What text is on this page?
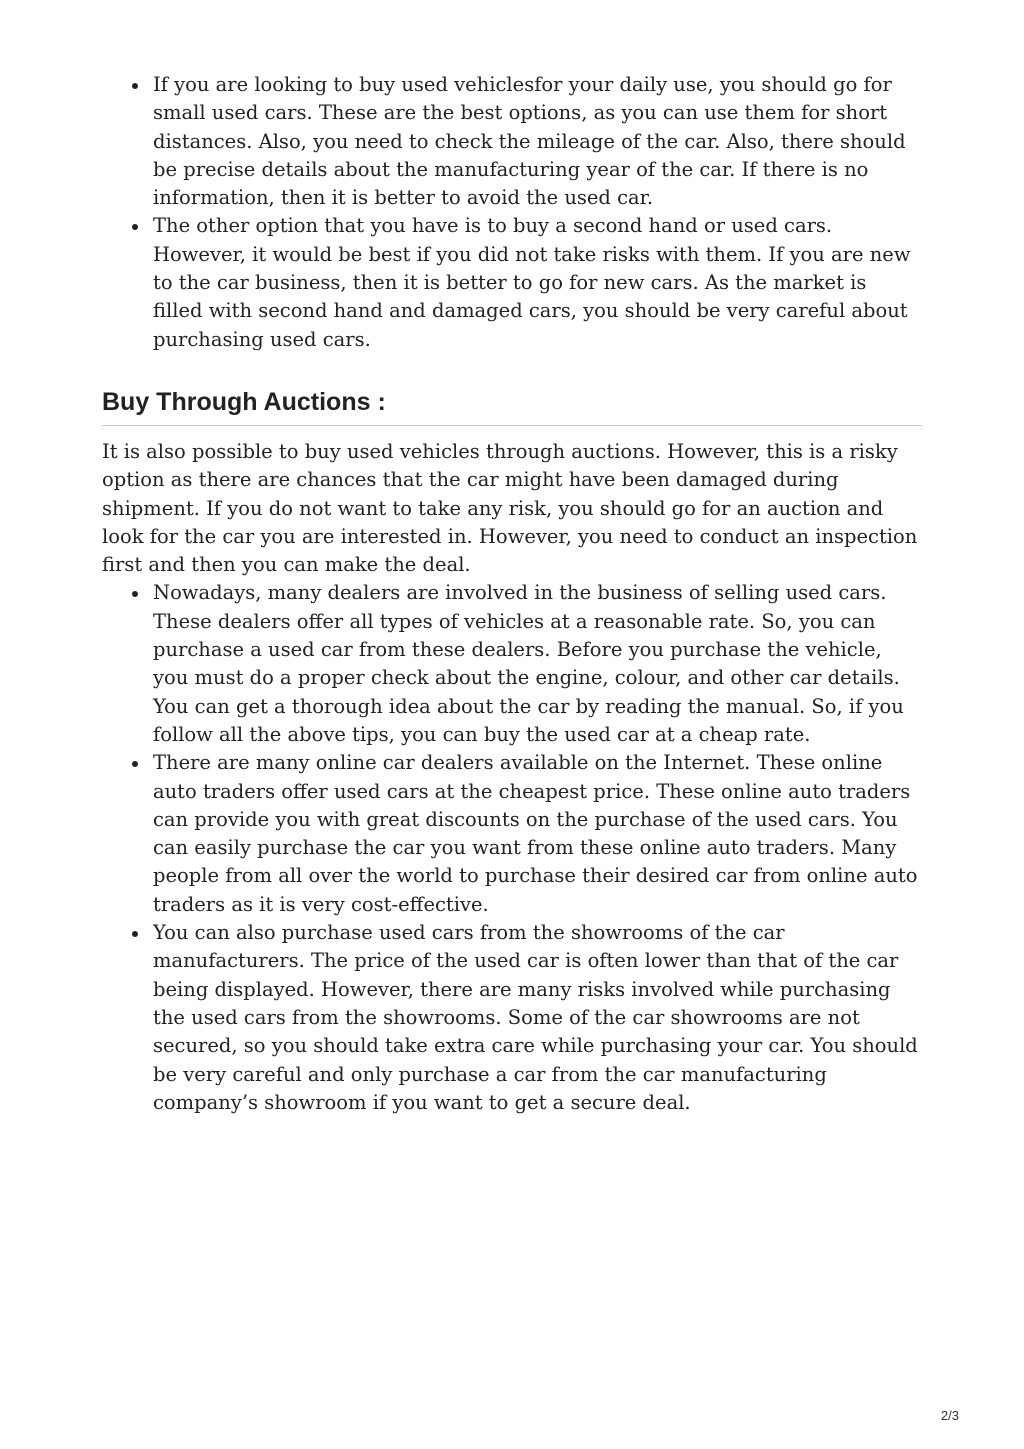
If you are looking to buy used vehiclesfor your daily use, you should go for small used cars. These are the best options, as you can use them for short distances. Also, you need to check the mileage of the car. Also, there should be precise details about the manufacturing year of the car. If there is no information, then it is better to avoid the used car.
The other option that you have is to buy a second hand or used cars. However, it would be best if you did not take risks with them. If you are new to the car business, then it is better to go for new cars. As the market is filled with second hand and damaged cars, you should be very careful about purchasing used cars.
Buy Through Auctions :

It is also possible to buy used vehicles through auctions. However, this is a risky option as there are chances that the car might have been damaged during shipment. If you do not want to take any risk, you should go for an auction and look for the car you are interested in. However, you need to conduct an inspection first and then you can make the deal.

Nowadays, many dealers are involved in the business of selling used cars. These dealers offer all types of vehicles at a reasonable rate. So, you can purchase a used car from these dealers. Before you purchase the vehicle, you must do a proper check about the engine, colour, and other car details. You can get a thorough idea about the car by reading the manual. So, if you follow all the above tips, you can buy the used car at a cheap rate.
There are many online car dealers available on the Internet. These online auto traders offer used cars at the cheapest price. These online auto traders can provide you with great discounts on the purchase of the used cars. You can easily purchase the car you want from these online auto traders. Many people from all over the world to purchase their desired car from online auto traders as it is very cost-effective.
You can also purchase used cars from the showrooms of the car manufacturers. The price of the used car is often lower than that of the car being displayed. However, there are many risks involved while purchasing the used cars from the showrooms. Some of the car showrooms are not secured, so you should take extra care while purchasing your car. You should be very careful and only purchase a car from the car manufacturing company’s showroom if you want to get a secure deal.
2/3
